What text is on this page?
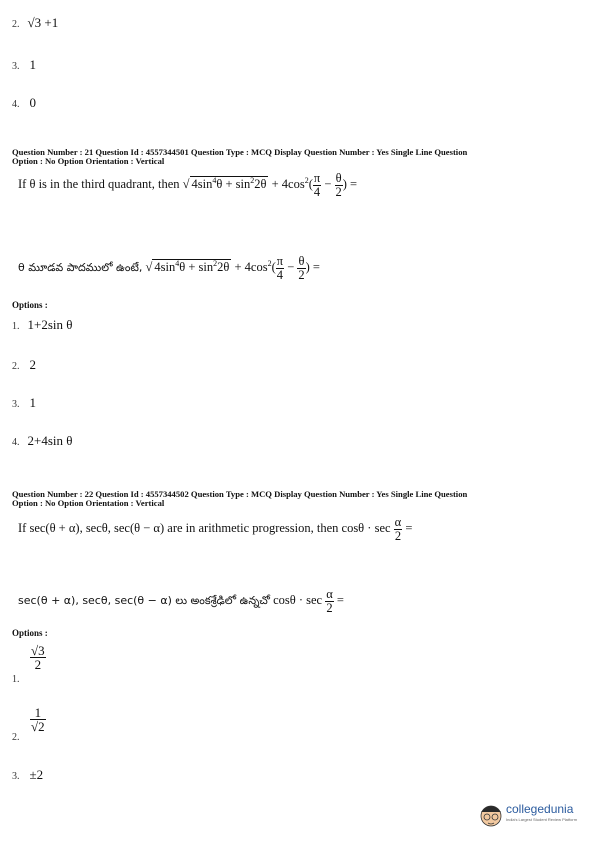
2. √3 +1
3. 1
4. 0
Question Number : 21 Question Id : 4557344501 Question Type : MCQ Display Question Number : Yes Single Line Question
Option : No Option Orientation : Vertical
If θ is in the third quadrant, then √ $4\sin^4\theta + \sin^22\theta + 4\cos^2( \frac{\pi}{4} - \frac{\theta}{2}$ ) =
θ మూడవ పాదములో ఉంటే, √ $4\sin^4\theta + \sin^22\theta + 4\cos^2( \frac{\pi}{4} - \frac{\theta}{2}$ ) =
Options :
1. 1+2sin θ
2. 2
3. 1
4. 2+4sin θ
Question Number : 22 Question Id : 4557344502 Question Type : MCQ Display Question Number : Yes Single Line Question
Option : No Option Orientation : Vertical
If sec(θ + α), secθ, sec(θ − α) are in arithmetic progression, then $\cos\theta \cdot \sec \frac{\alpha}{2}$ =
sec(θ + α), secθ, sec(θ − α) లు అంకశ్రేఢిలో ఉన్నచో $\cos\theta \cdot \sec \frac{\alpha}{2}$ =
Options :
1.
$\frac{√3}{2}$
2.
$\frac{1}{√2}$
3. ±2
collegedunia
India's Largest Student Review Platform
